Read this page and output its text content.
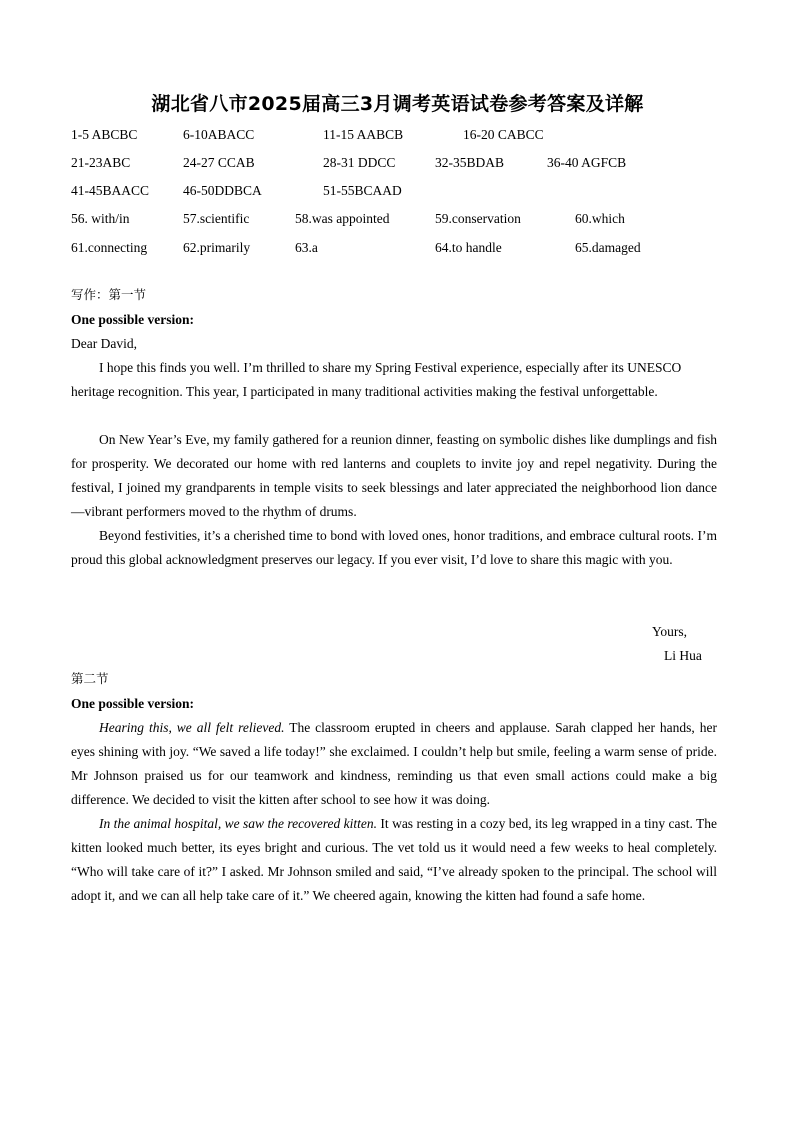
湖北省八市2025届高三3月调考英语试卷参考答案及详解
1-5 ABCBC	6-10ABACC	11-15 AABCB	16-20 CABCC
21-23ABC	24-27 CCAB	28-31 DDCC	32-35BDAB	36-40 AGFCB
41-45BAACC	46-50DDBCA	51-55BCAAD
56. with/in	57.scientific	58.was appointed	59.conservation	60.which
61.connecting	62.primarily	63.a	64.to handle	65.damaged
写作：第一节
One possible version:
Dear David,

I hope this finds you well. I’m thrilled to share my Spring Festival experience, especially after its UNESCO heritage recognition. This year, I participated in many traditional activities making the festival unforgettable.

On New Year’s Eve, my family gathered for a reunion dinner, feasting on symbolic dishes like dumplings and fish for prosperity. We decorated our home with red lanterns and couplets to invite joy and repel negativity. During the festival, I joined my grandparents in temple visits to seek blessings and later appreciated the neighborhood lion dance—vibrant performers moved to the rhythm of drums.

Beyond festivities, it’s a cherished time to bond with loved ones, honor traditions, and embrace cultural roots. I’m proud this global acknowledgment preserves our legacy. If you ever visit, I’d love to share this magic with you.

Yours,
Li Hua
第二节
One possible version:

Hearing this, we all felt relieved. The classroom erupted in cheers and applause. Sarah clapped her hands, her eyes shining with joy. “We saved a life today!” she exclaimed. I couldn’t help but smile, feeling a warm sense of pride. Mr Johnson praised us for our teamwork and kindness, reminding us that even small actions could make a big difference. We decided to visit the kitten after school to see how it was doing.

In the animal hospital, we saw the recovered kitten. It was resting in a cozy bed, its leg wrapped in a tiny cast. The kitten looked much better, its eyes bright and curious. The vet told us it would need a few weeks to heal completely. “Who will take care of it?” I asked. Mr Johnson smiled and said, “I’ve already spoken to the principal. The school will adopt it, and we can all help take care of it.” We cheered again, knowing the kitten had found a safe home.
